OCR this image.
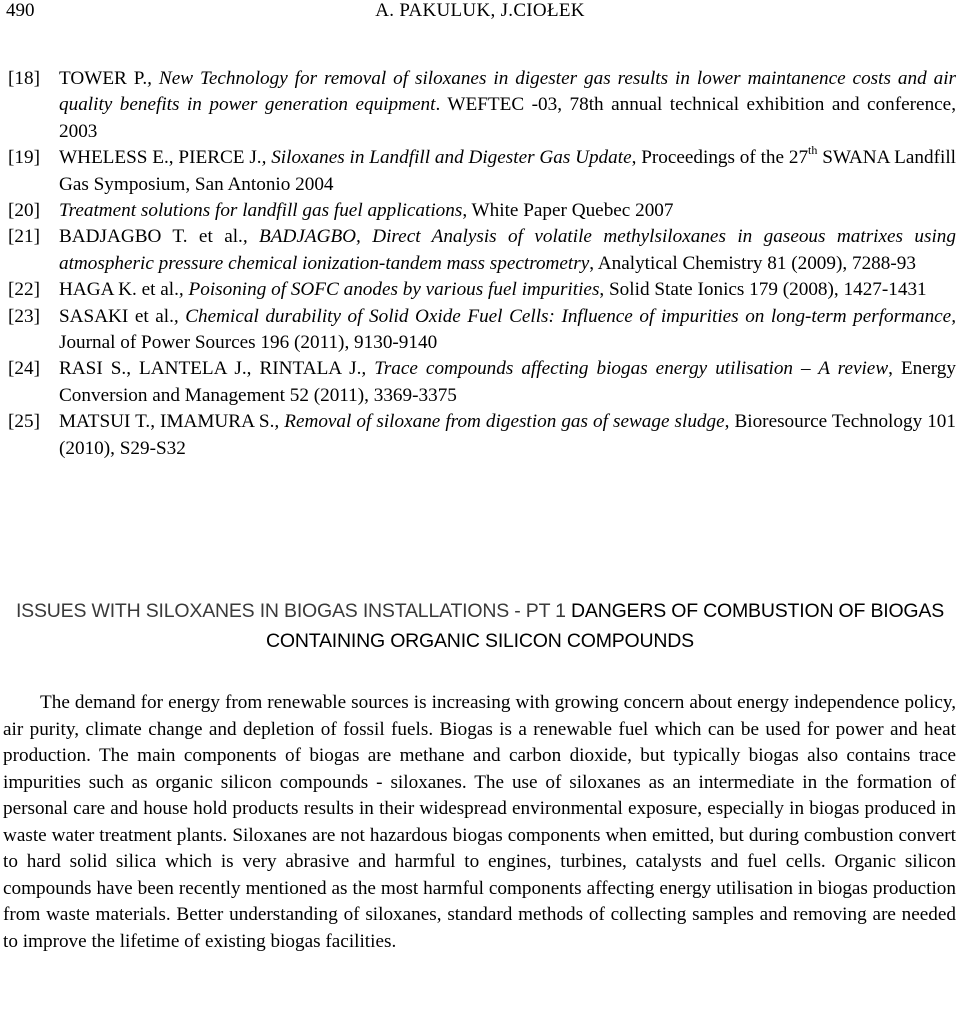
490	A. PAKULUK, J.CIOŁEK
[18] TOWER P., New Technology for removal of siloxanes in digester gas results in lower maintanence costs and air quality benefits in power generation equipment. WEFTEC -03, 78th annual technical exhibition and conference, 2003
[19] WHELESS E., PIERCE J., Siloxanes in Landfill and Digester Gas Update, Proceedings of the 27th SWANA Landfill Gas Symposium, San Antonio 2004
[20] Treatment solutions for landfill gas fuel applications, White Paper Quebec 2007
[21] BADJAGBO T. et al., BADJAGBO, Direct Analysis of volatile methylsiloxanes in gaseous matrixes using atmospheric pressure chemical ionization-tandem mass spectrometry, Analytical Chemistry 81 (2009), 7288-93
[22] HAGA K. et al., Poisoning of SOFC anodes by various fuel impurities, Solid State Ionics 179 (2008), 1427-1431
[23] SASAKI et al., Chemical durability of Solid Oxide Fuel Cells: Influence of impurities on long-term performance, Journal of Power Sources 196 (2011), 9130-9140
[24] RASI S., LANTELA J., RINTALA J., Trace compounds affecting biogas energy utilisation – A review, Energy Conversion and Management 52 (2011), 3369-3375
[25] MATSUI T., IMAMURA S., Removal of siloxane from digestion gas of sewage sludge, Bioresource Technology 101 (2010), S29-S32
ISSUES WITH SILOXANES IN BIOGAS INSTALLATIONS - PT 1 DANGERS OF COMBUSTION OF BIOGAS CONTAINING ORGANIC SILICON COMPOUNDS

The demand for energy from renewable sources is increasing with growing concern about energy independence policy, air purity, climate change and depletion of fossil fuels. Biogas is a renewable fuel which can be used for power and heat production. The main components of biogas are methane and carbon dioxide, but typically biogas also contains trace impurities such as organic silicon compounds - siloxanes. The use of siloxanes as an intermediate in the formation of personal care and house hold products results in their widespread environmental exposure, especially in biogas produced in waste water treatment plants. Siloxanes are not hazardous biogas components when emitted, but during combustion convert to hard solid silica which is very abrasive and harmful to engines, turbines, catalysts and fuel cells. Organic silicon compounds have been recently mentioned as the most harmful components affecting energy utilisation in biogas production from waste materials. Better understanding of siloxanes, standard methods of collecting samples and removing are needed to improve the lifetime of existing biogas facilities.
